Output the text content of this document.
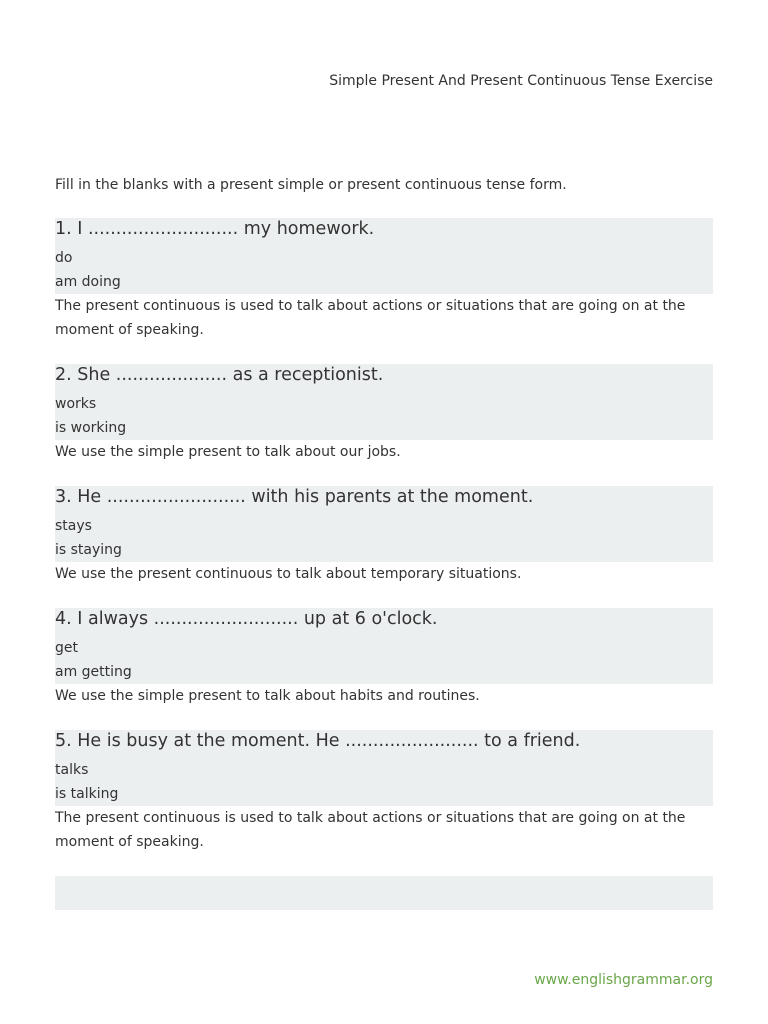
Simple Present And Present Continuous Tense Exercise

Fill in the blanks with a present simple or present continuous tense form.

1. I ........................... my homework.
do
am doing

The present continuous is used to talk about actions or situations that are going on at the moment of speaking.

2. She .................... as a receptionist.
works
is working

We use the simple present to talk about our jobs.

3. He ......................... with his parents at the moment.
stays
is staying

We use the present continuous to talk about temporary situations.

4. I always .......................... up at 6 o'clock.
get
am getting

We use the simple present to talk about habits and routines.

5. He is busy at the moment. He ........................ to a friend.
talks
is talking

The present continuous is used to talk about actions or situations that are going on at the moment of speaking.

www.englishgrammar.org
